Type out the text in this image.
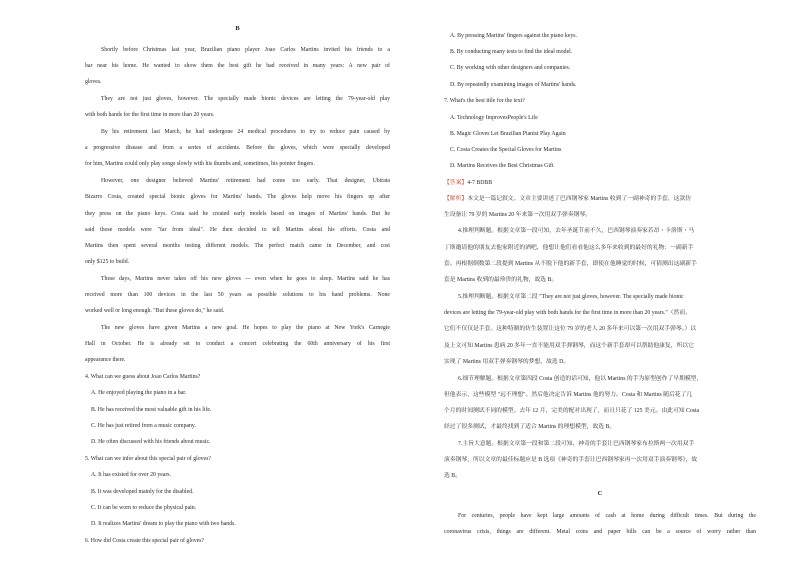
B
Shortly before Christmas last year, Brazilian piano player Joao Carlos Martins invited his friends to a
bar near his home. He wanted to show them the best gift he had received in many years: A new pair of
gloves.
They are not just gloves, however. The specially made bionic devices are letting the 79-year-old play
with both hands for the first time in more than 20 years.
By his retirement last March, he had undergone 24 medical procedures to try to reduce pain caused by
a progressive disease and from a series of accidents. Before the gloves, which were specially developed
for him, Martins could only play songs slowly with his thumbs and, sometimes, his pointer fingers.
However, one designer believed Martins' retirement had come too early. That designer, Ubirata
Bizarro Costa, created special bionic gloves for Martins' hands. The gloves help move his fingers up after
they press on the piano keys. Costa said he created early models based on images of Martins' hands. But he
said those models were "far from ideal". He then decided to tell Martins about his efforts. Costa and
Martins then spent several months testing different models. The perfect match came in December, and cost
only $125 to build.
These days, Martins never takes off his new gloves — even when he goes to sleep. Martins said he has
received more than 100 devices in the last 50 years as possible solutions to his hand problems. None
worked well or long enough. "But these gloves do," he said.
The new gloves have given Martins a new goal. He hopes to play the piano at New York's Carnegie
Hall in October. He is already set to conduct a concert celebrating the 60th anniversary of his first
appearance there.
4. What can we guess about Joao Carlos Martins?
A. He enjoyed playing the piano in a bar.
B. He has received the most valuable gift in his life.
C. He has just retired from a music company.
D. He often discussed with his friends about music.
5. What can we infer about this special pair of gloves?
A. It has existed for over 20 years.
B. It was developed mainly for the disabled.
C. It can be worn to reduce the physical pain.
D. It realizes Martins' dream to play the piano with two hands.
6. How did Costa create this special pair of gloves?
A. By pressing Martins' fingers against the piano keys.
B. By conducting many tests to find the ideal model.
C. By working with other designers and companies.
D. By repeatedly examining images of Martins' hands.
7. What's the best title for the text?
A. Technology ImprovesPeople's Life
B. Magic Gloves Let Brazilian Pianist Play Again
C. Costa Creates the Special Gloves for Martins
D. Martins Receives the Best Christmas Gift
【答案】4-7 BDBB
【解析】本文是一篇记叙文。文章主要讲述了巴西钢琴家 Martins 收到了一副神奇的手套，这款仿
生设备让 79 岁的 Martins 20 年来第一次用双手弹奏钢琴。
4.推理判断题。根据文章第一段可知，去年圣诞节前不久，巴西钢琴演奏家若昂・卡洛斯・马
丁斯邀请他的朋友去他家附近的酒吧，他想让他们看看他这么多年来收到的最好的礼物：一副新手
套。再根据倒数第二段提到 Martins 从不脱下他的新手套，即使在他睡觉的时候，可猜测出这副新手
套是 Martins 收到的最珍贵的礼物，故选 B。
5.推理判断题。根据文章第二段 "They are not just gloves, however. The specially made bionic
devices are letting the 79-year-old play with both hands for the first time in more than 20 years."（然而，
它们不仅仅是手套。这种特制的仿生装置让这位 79 岁的老人 20 多年来可以第一次用双手弹琴。）以
及上文可知 Martins 患病 20 多年一直不能用双手弹钢琴，而这个新手套却可以帮助他康复，所以它
实现了 Martins 用双手弹奏钢琴的梦想，故选 D。
6.细节理解题。根据文章第四段 Costa 创造的话可知，他以 Martins 的手为原型创作了早期模型，
但他表示，这些模型 "远不理想"。然后他决定告诉 Martins 他的努力。Costa 和 Martins 随后花了几
个月的时间测试不同的模型。去年 12 月，完美的配对出现了，而且只花了 125 美元。由此可知 Costa
经过了很多测试，才最终找到了适合 Martins 的理想模型，故选 B。
7.主旨大意题。根据文章第一段和第二段可知，神奇的手套让巴西钢琴家布拉斯两一次用双手
演奏钢琴，所以文章的最佳标题应是 B 选项《神奇的手套让巴西钢琴家再一次用双手演奏钢琴》，故
选 B。
C
For centuries, people have kept large amounts of cash at home during difficult times. But during the
coronavirus crisis, things are different. Metal coins and paper bills can be a source of worry rather than
